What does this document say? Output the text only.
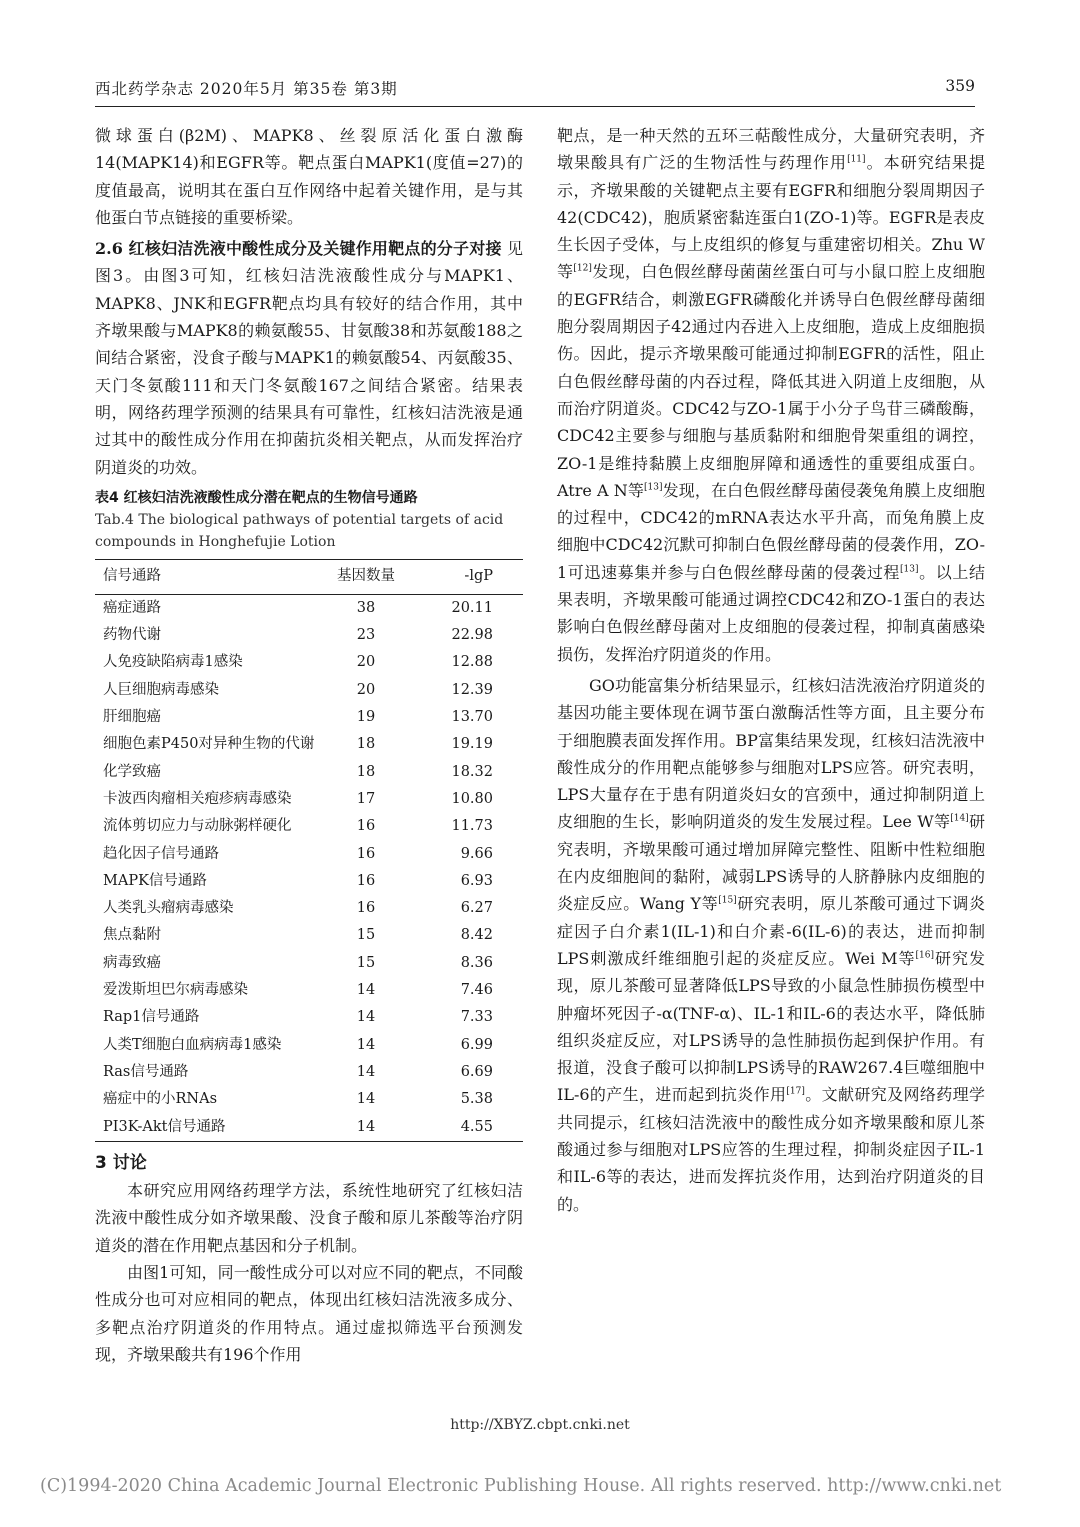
西北药学杂志 2020年5月 第35卷 第3期	359

微球蛋白(β2M)、MAPK8、丝裂原活化蛋白激酶14(MAPK14)和EGFR等。靶点蛋白MAPK1(度值=27)的度值最高，说明其在蛋白互作网络中起着关键作用，是与其他蛋白节点链接的重要桥梁。

2.6 红核妇洁洗液中酸性成分及关键作用靶点的分子对接 见图3。由图3可知，红核妇洁洗液酸性成分与MAPK1、MAPK8、JNK和EGFR靶点均具有较好的结合作用，其中齐墩果酸与MAPK8的赖氨酸55、甘氨酸38和苏氨酸188之间结合紧密，没食子酸与MAPK1的赖氨酸54、丙氨酸35、天门冬氨酸111和天门冬氨酸167之间结合紧密。结果表明，网络药理学预测的结果具有可靠性，红核妇洁洗液是通过其中的酸性成分作用在抑菌抗炎相关靶点，从而发挥治疗阴道炎的功效。

表4 红核妇洁洗液酸性成分潜在靶点的生物信号通路

Tab.4 The biological pathways of potential targets of acid compounds in Honghefujie Lotion

信号通路	基因数量	-lgP
癌症通路	38	20.11
药物代谢	23	22.98
人免疫缺陷病毒1感染	20	12.88
人巨细胞病毒感染	20	12.39
肝细胞癌	19	13.70
细胞色素P450对异种生物的代谢	18	19.19
化学致癌	18	18.32
卡波西肉瘤相关疱疹病毒感染	17	10.80
流体剪切应力与动脉粥样硬化	16	11.73
趋化因子信号通路	16	9.66
MAPK信号通路	16	6.93
人类乳头瘤病毒感染	16	6.27
焦点黏附	15	8.42
病毒致癌	15	8.36
爱泼斯坦巴尔病毒感染	14	7.46
Rap1信号通路	14	7.33
人类T细胞白血病病毒1感染	14	6.99
Ras信号通路	14	6.69
癌症中的小RNAs	14	5.38
PI3K-Akt信号通路	14	4.55

3 讨论

本研究应用网络药理学方法，系统性地研究了红核妇洁洗液中酸性成分如齐墩果酸、没食子酸和原儿茶酸等治疗阴道炎的潜在作用靶点基因和分子机制。

由图1可知，同一酸性成分可以对应不同的靶点，不同酸性成分也可对应相同的靶点，体现出红核妇洁洗液多成分、多靶点治疗阴道炎的作用特点。通过虚拟筛选平台预测发现，齐墩果酸共有196个作用

靶点，是一种天然的五环三萜酸性成分，大量研究表明，齐墩果酸具有广泛的生物活性与药理作用[11]。本研究结果提示，齐墩果酸的关键靶点主要有EGFR和细胞分裂周期因子42(CDC42)，胞质紧密黏连蛋白1(ZO-1)等。EGFR是表皮生长因子受体，与上皮组织的修复与重建密切相关。Zhu W等[12]发现，白色假丝酵母菌菌丝蛋白可与小鼠口腔上皮细胞的EGFR结合，刺激EGFR磷酸化并诱导白色假丝酵母菌细胞分裂周期因子42通过内吞进入上皮细胞，造成上皮细胞损伤。因此，提示齐墩果酸可能通过抑制EGFR的活性，阻止白色假丝酵母菌的内吞过程，降低其进入阴道上皮细胞，从而治疗阴道炎。CDC42与ZO-1属于小分子鸟苷三磷酸酶，CDC42主要参与细胞与基质黏附和细胞骨架重组的调控，ZO-1是维持黏膜上皮细胞屏障和通透性的重要组成蛋白。Atre A N等[13]发现，在白色假丝酵母菌侵袭兔角膜上皮细胞的过程中，CDC42的mRNA表达水平升高，而兔角膜上皮细胞中CDC42沉默可抑制白色假丝酵母菌的侵袭作用，ZO-1可迅速募集并参与白色假丝酵母菌的侵袭过程[13]。以上结果表明，齐墩果酸可能通过调控CDC42和ZO-1蛋白的表达影响白色假丝酵母菌对上皮细胞的侵袭过程，抑制真菌感染损伤，发挥治疗阴道炎的作用。

GO功能富集分析结果显示，红核妇洁洗液治疗阴道炎的基因功能主要体现在调节蛋白激酶活性等方面，且主要分布于细胞膜表面发挥作用。BP富集结果发现，红核妇洁洗液中酸性成分的作用靶点能够参与细胞对LPS应答。研究表明，LPS大量存在于患有阴道炎妇女的宫颈中，通过抑制阴道上皮细胞的生长，影响阴道炎的发生发展过程。Lee W等[14]研究表明，齐墩果酸可通过增加屏障完整性、阻断中性粒细胞在内皮细胞间的黏附，减弱LPS诱导的人脐静脉内皮细胞的炎症反应。Wang Y等[15]研究表明，原儿茶酸可通过下调炎症因子白介素1(IL-1)和白介素-6(IL-6)的表达，进而抑制LPS刺激成纤维细胞引起的炎症反应。Wei M等[16]研究发现，原儿茶酸可显著降低LPS导致的小鼠急性肺损伤模型中肿瘤坏死因子-α(TNF-α)、IL-1和IL-6的表达水平，降低肺组织炎症反应，对LPS诱导的急性肺损伤起到保护作用。有报道，没食子酸可以抑制LPS诱导的RAW267.4巨噬细胞中IL-6的产生，进而起到抗炎作用[17]。文献研究及网络药理学共同提示，红核妇洁洗液中的酸性成分如齐墩果酸和原儿茶酸通过参与细胞对LPS应答的生理过程，抑制炎症因子IL-1和IL-6等的表达，进而发挥抗炎作用，达到治疗阴道炎的目的。

http://XBYZ.cbpt.cnki.net
(C)1994-2020 China Academic Journal Electronic Publishing House. All rights reserved. http://www.cnki.net
